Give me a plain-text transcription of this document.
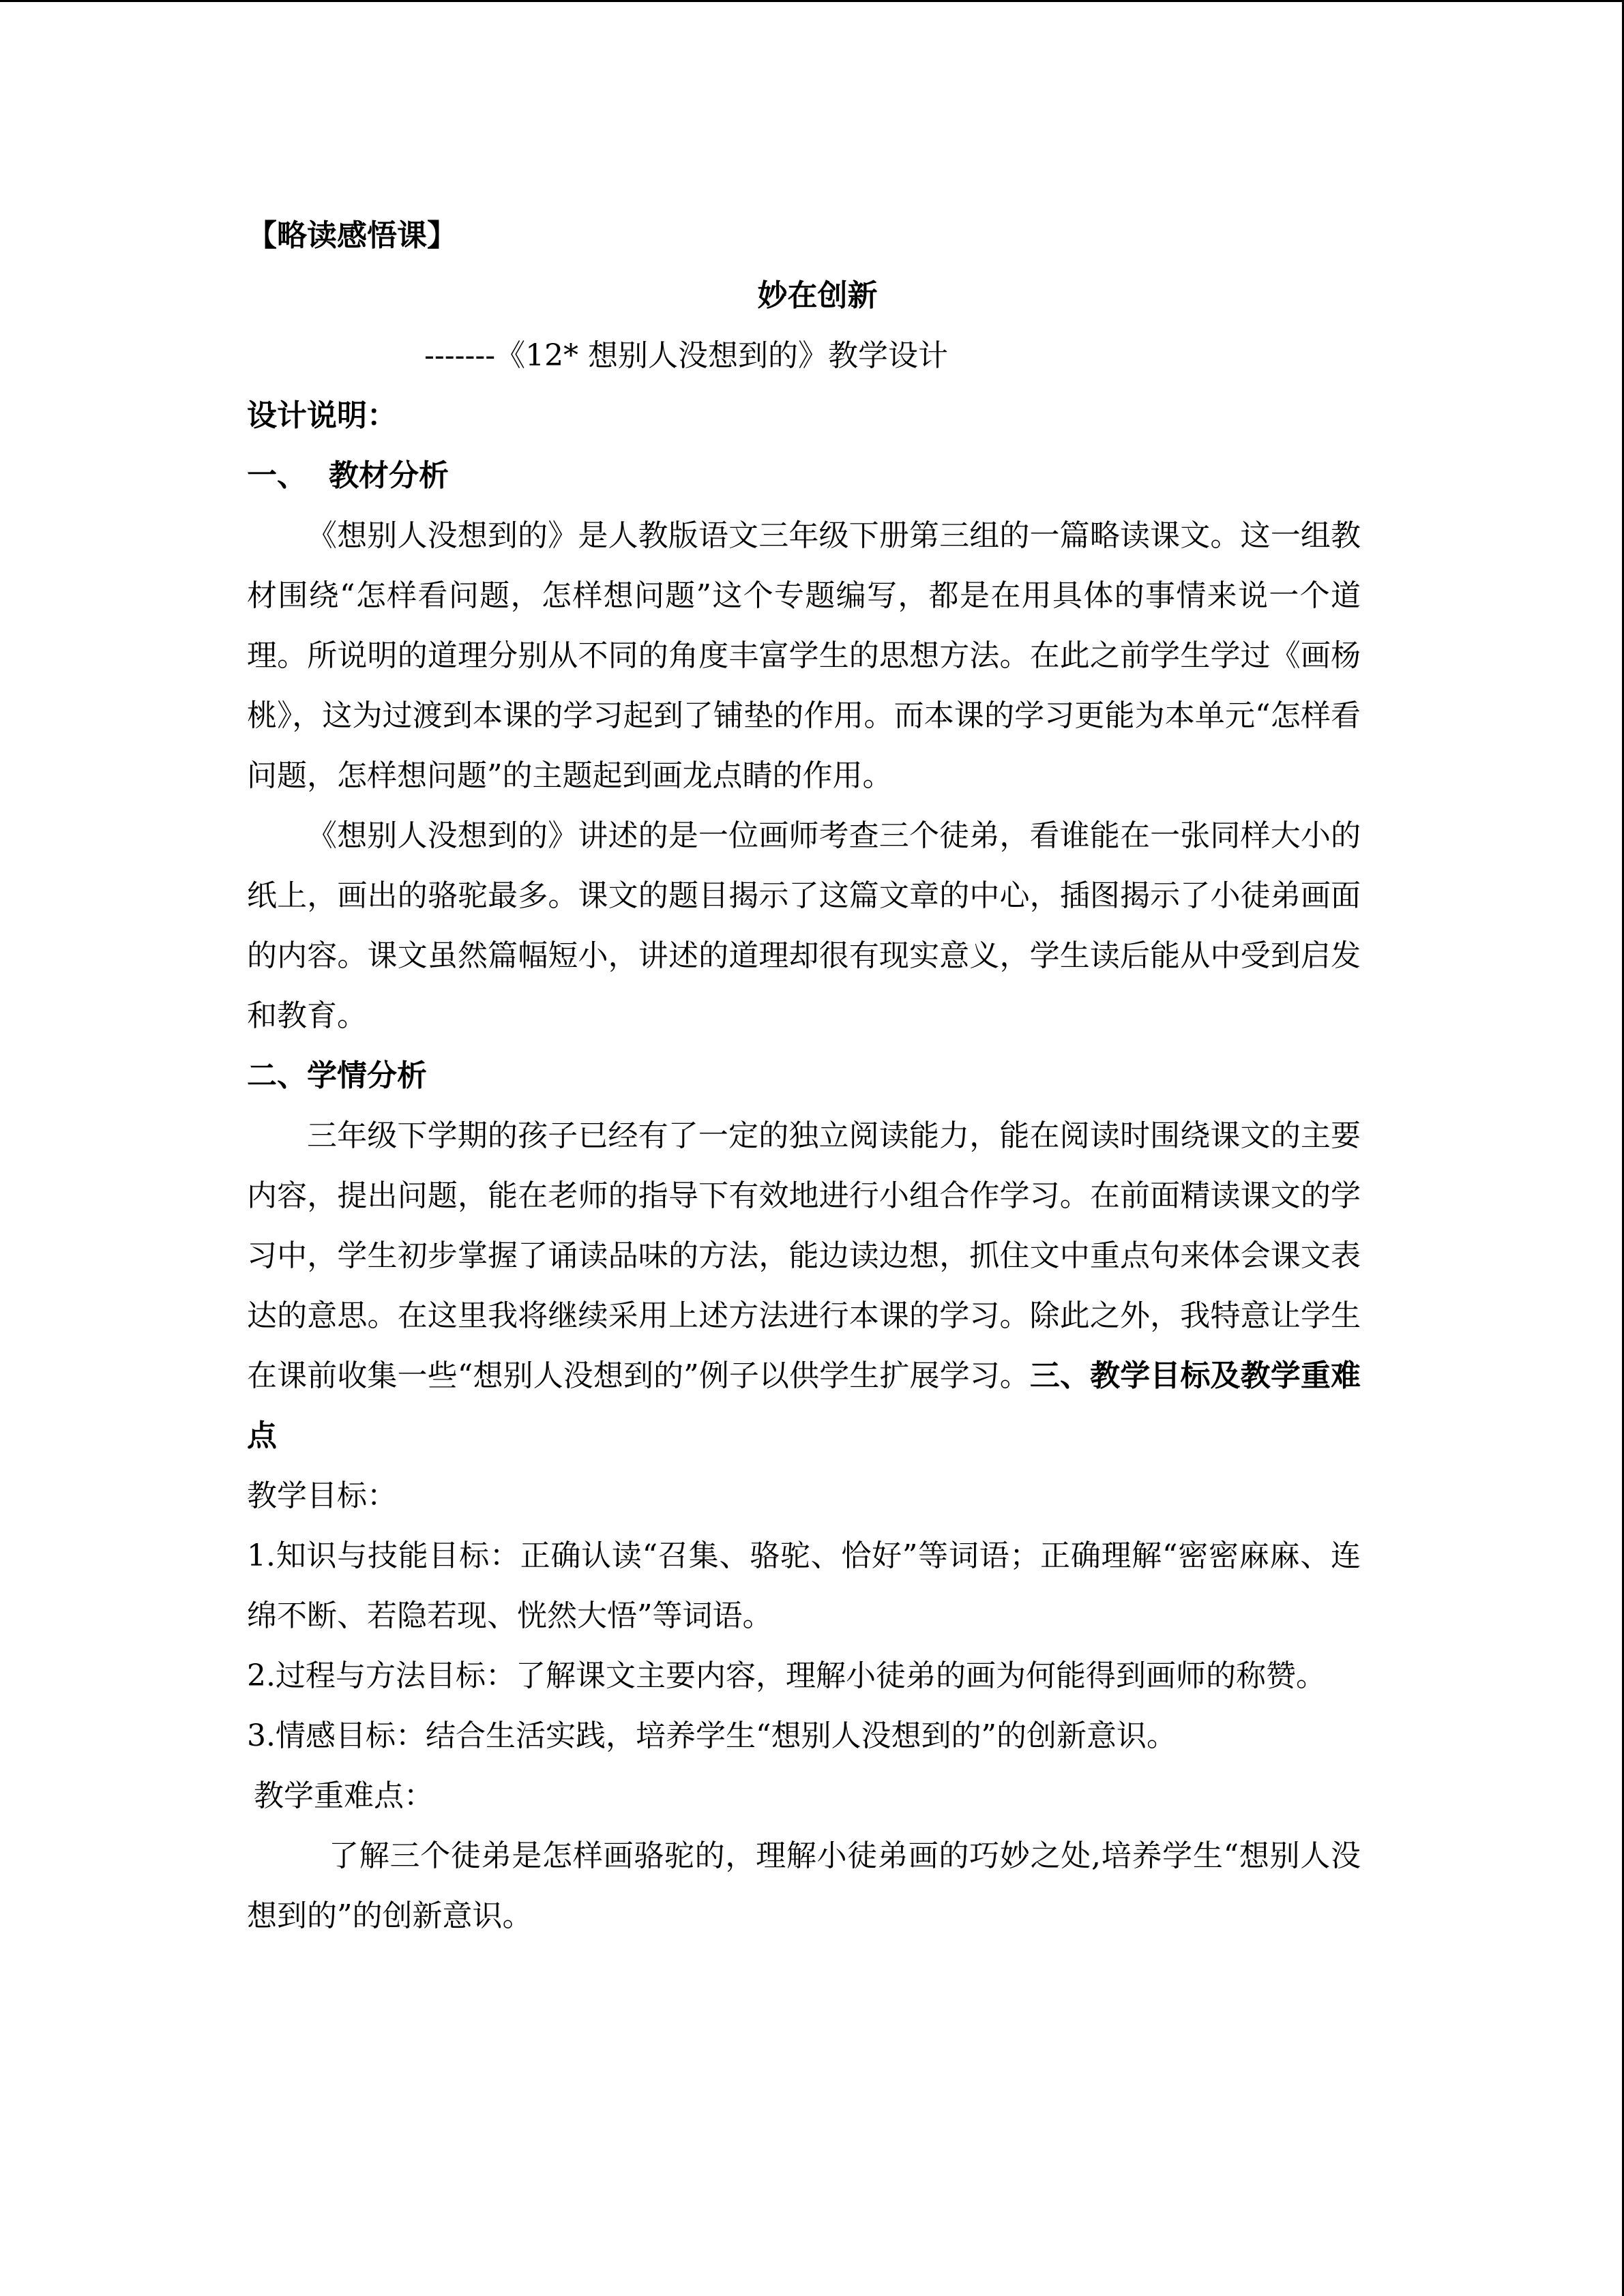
【略读感悟课】

妙在创新

-------《12* 想别人没想到的》教学设计

设计说明：

一、 教材分析

《想别人没想到的》是人教版语文三年级下册第三组的一篇略读课文。这一组教材围绕“怎样看问题，怎样想问题”这个专题编写，都是在用具体的事情来说一个道理。所说明的道理分别从不同的角度丰富学生的思想方法。在此之前学生学过《画杨桃》，这为过渡到本课的学习起到了铺垫的作用。而本课的学习更能为本单元“怎样看问题，怎样想问题”的主题起到画龙点睛的作用。

《想别人没想到的》讲述的是一位画师考查三个徒弟，看谁能在一张同样大小的纸上，画出的骆驼最多。课文的题目揭示了这篇文章的中心，插图揭示了小徒弟画面的内容。课文虽然篇幅短小，讲述的道理却很有现实意义，学生读后能从中受到启发和教育。

二、学情分析

三年级下学期的孩子已经有了一定的独立阅读能力，能在阅读时围绕课文的主要内容，提出问题，能在老师的指导下有效地进行小组合作学习。在前面精读课文的学习中，学生初步掌握了诵读品味的方法，能边读边想，抓住文中重点句来体会课文表达的意思。在这里我将继续采用上述方法进行本课的学习。除此之外，我特意让学生在课前收集一些“想别人没想到的”例子以供学生扩展学习。三、教学目标及教学重难点

教学目标：

1.知识与技能目标：正确认读“召集、骆驼、恰好”等词语；正确理解“密密麻麻、连绵不断、若隐若现、恍然大悟”等词语。

2.过程与方法目标：了解课文主要内容，理解小徒弟的画为何能得到画师的称赞。

3.情感目标：结合生活实践，培养学生“想别人没想到的”的创新意识。

教学重难点：

了解三个徒弟是怎样画骆驼的，理解小徒弟画的巧妙之处,培养学生“想别人没想到的”的创新意识。
